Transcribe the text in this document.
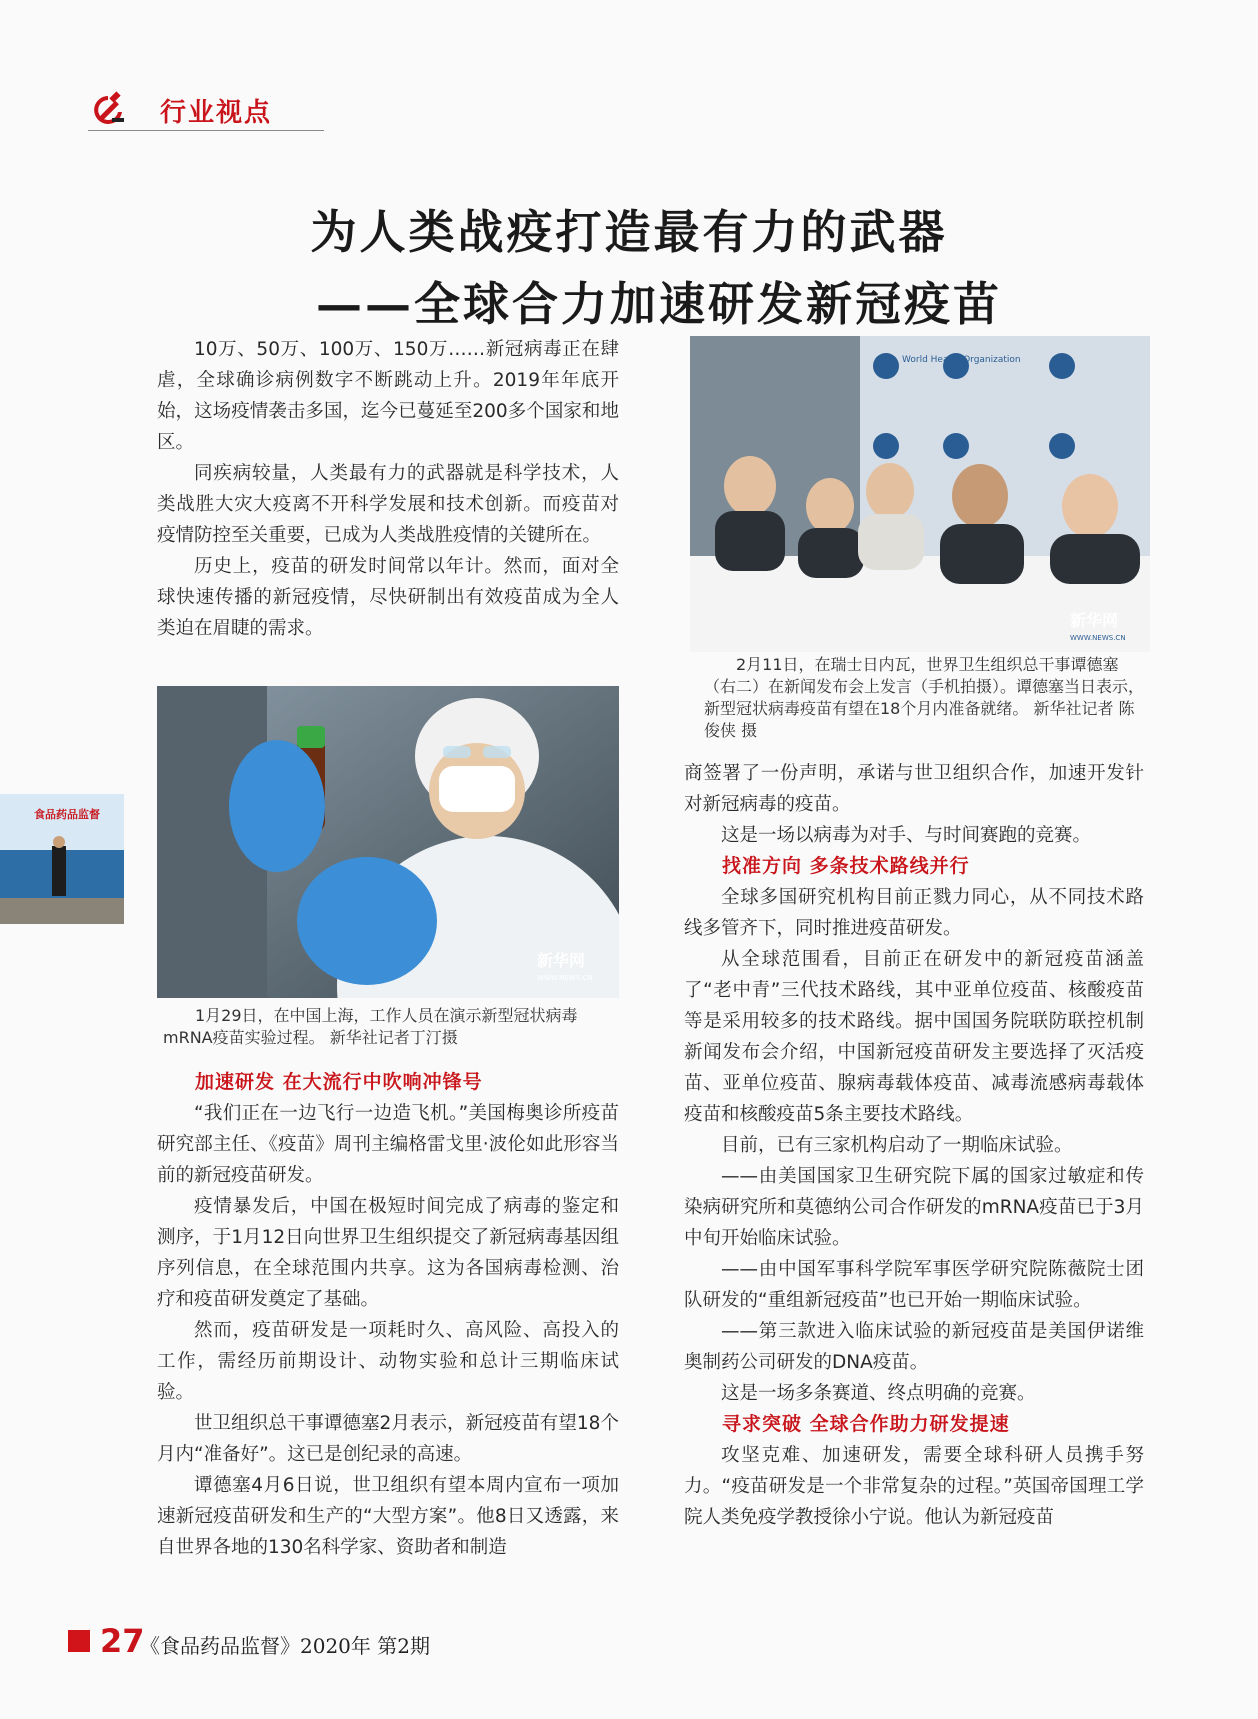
行业视点
为人类战疫打造最有力的武器
——全球合力加速研发新冠疫苗

10万、50万、100万、150万……新冠病毒正在肆虐，全球确诊病例数字不断跳动上升。2019年年底开始，这场疫情袭击多国，迄今已蔓延至200多个国家和地区。

同疾病较量，人类最有力的武器就是科学技术，人类战胜大灾大疫离不开科学发展和技术创新。而疫苗对疫情防控至关重要，已成为人类战胜疫情的关键所在。

历史上，疫苗的研发时间常以年计。然而，面对全球快速传播的新冠疫情，尽快研制出有效疫苗成为全人类迫在眉睫的需求。

新华网
WWW.NEWS.CN
1月29日，在中国上海，工作人员在演示新型冠状病毒mRNA疫苗实验过程。 新华社记者丁汀摄
加速研发 在大流行中吹响冲锋号

“我们正在一边飞行一边造飞机。”美国梅奥诊所疫苗研究部主任、《疫苗》周刊主编格雷戈里·波伦如此形容当前的新冠疫苗研发。

疫情暴发后，中国在极短时间完成了病毒的鉴定和测序，于1月12日向世界卫生组织提交了新冠病毒基因组序列信息，在全球范围内共享。这为各国病毒检测、治疗和疫苗研发奠定了基础。

然而，疫苗研发是一项耗时久、高风险、高投入的工作，需经历前期设计、动物实验和总计三期临床试验。

世卫组织总干事谭德塞2月表示，新冠疫苗有望18个月内“准备好”。这已是创纪录的高速。

谭德塞4月6日说，世卫组织有望本周内宣布一项加速新冠疫苗研发和生产的“大型方案”。他8日又透露，来自世界各地的130名科学家、资助者和制造

World Health Organization
新华网
WWW.NEWS.CN
2月11日，在瑞士日内瓦，世界卫生组织总干事谭德塞（右二）在新闻发布会上发言（手机拍摄）。谭德塞当日表示，新型冠状病毒疫苗有望在18个月内准备就绪。 新华社记者 陈俊侠 摄

商签署了一份声明，承诺与世卫组织合作，加速开发针对新冠病毒的疫苗。

这是一场以病毒为对手、与时间赛跑的竞赛。

找准方向 多条技术路线并行

全球多国研究机构目前正戮力同心，从不同技术路线多管齐下，同时推进疫苗研发。

从全球范围看，目前正在研发中的新冠疫苗涵盖了“老中青”三代技术路线，其中亚单位疫苗、核酸疫苗等是采用较多的技术路线。据中国国务院联防联控机制新闻发布会介绍，中国新冠疫苗研发主要选择了灭活疫苗、亚单位疫苗、腺病毒载体疫苗、减毒流感病毒载体疫苗和核酸疫苗5条主要技术路线。

目前，已有三家机构启动了一期临床试验。

——由美国国家卫生研究院下属的国家过敏症和传染病研究所和莫德纳公司合作研发的mRNA疫苗已于3月中旬开始临床试验。

——由中国军事科学院军事医学研究院陈薇院士团队研发的“重组新冠疫苗”也已开始一期临床试验。

——第三款进入临床试验的新冠疫苗是美国伊诺维奥制药公司研发的DNA疫苗。

这是一场多条赛道、终点明确的竞赛。

寻求突破 全球合作助力研发提速

攻坚克难、加速研发，需要全球科研人员携手努力。“疫苗研发是一个非常复杂的过程。”英国帝国理工学院人类免疫学教授徐小宁说。他认为新冠疫苗

食品药品监督
27
《食品药品监督》2020年 第2期
